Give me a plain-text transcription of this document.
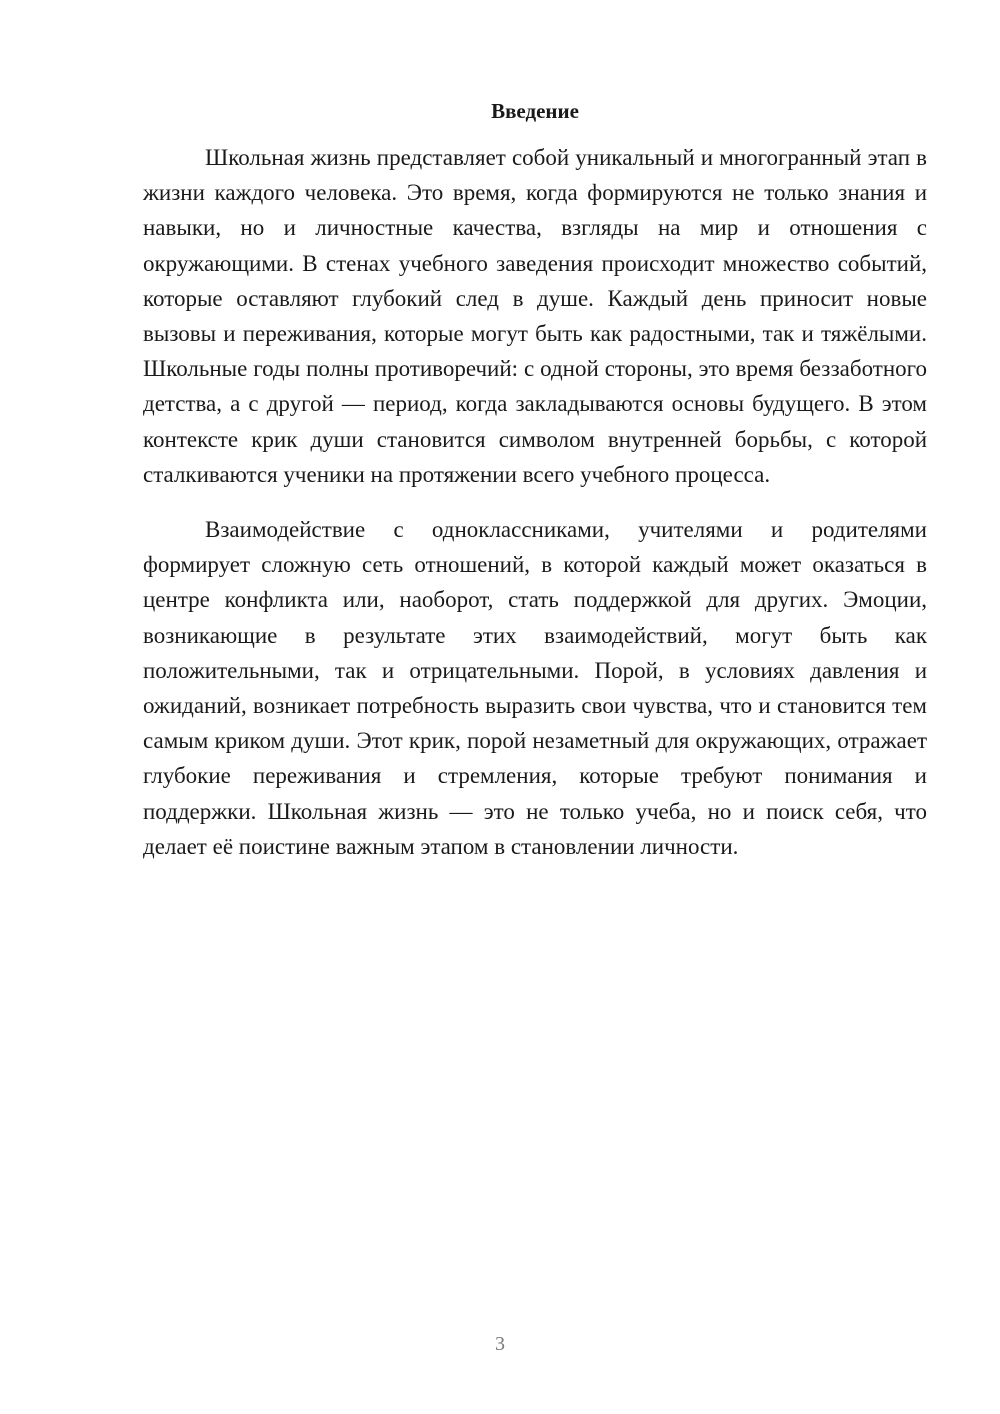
Введение

Школьная жизнь представляет собой уникальный и многогранный этап в жизни каждого человека. Это время, когда формируются не только знания и навыки, но и личностные качества, взгляды на мир и отношения с окружающими. В стенах учебного заведения происходит множество событий, которые оставляют глубокий след в душе. Каждый день приносит новые вызовы и переживания, которые могут быть как радостными, так и тяжёлыми. Школьные годы полны противоречий: с одной стороны, это время беззаботного детства, а с другой — период, когда закладываются основы будущего. В этом контексте крик души становится символом внутренней борьбы, с которой сталкиваются ученики на протяжении всего учебного процесса.

Взаимодействие с одноклассниками, учителями и родителями формирует сложную сеть отношений, в которой каждый может оказаться в центре конфликта или, наоборот, стать поддержкой для других. Эмоции, возникающие в результате этих взаимодействий, могут быть как положительными, так и отрицательными. Порой, в условиях давления и ожиданий, возникает потребность выразить свои чувства, что и становится тем самым криком души. Этот крик, порой незаметный для окружающих, отражает глубокие переживания и стремления, которые требуют понимания и поддержки. Школьная жизнь — это не только учеба, но и поиск себя, что делает её поистине важным этапом в становлении личности.

3
